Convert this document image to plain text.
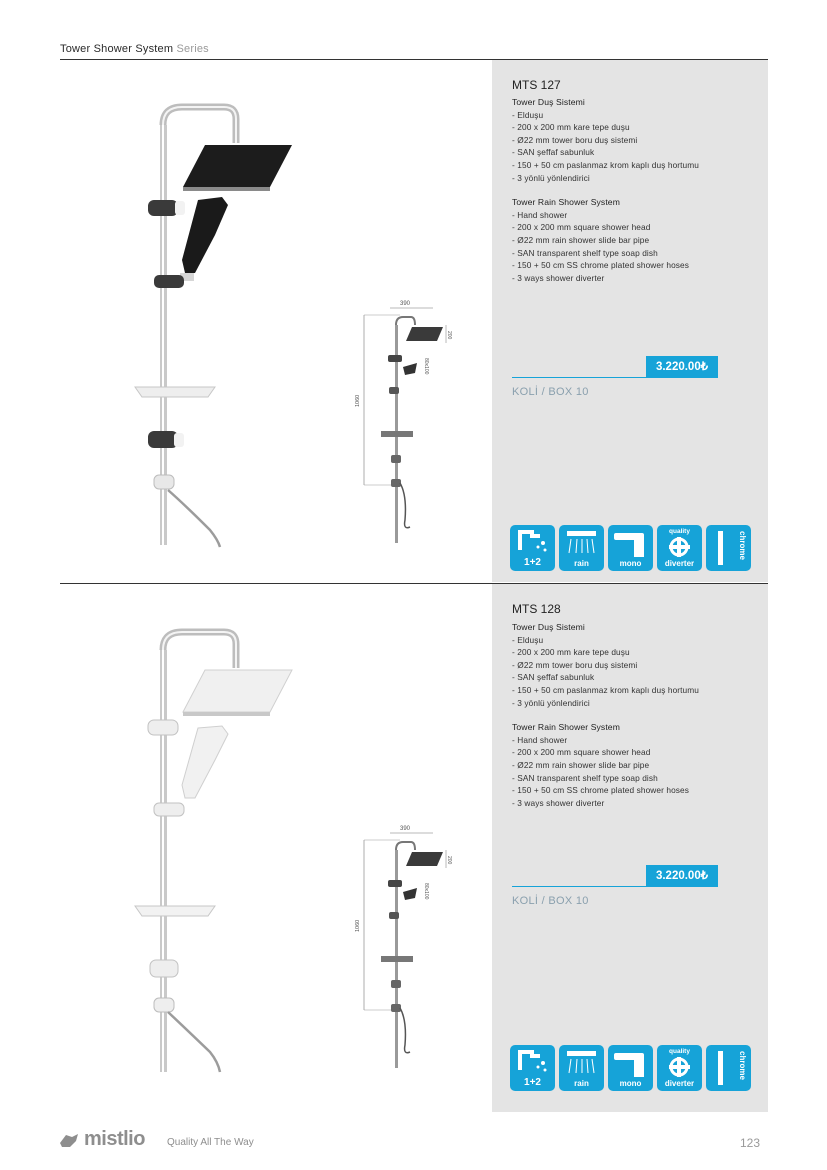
Tower Shower System Series
390
1060
200
80x100
MTS 127
Tower Duş Sistemi
- Elduşu
- 200 x 200 mm kare tepe duşu
- Ø22 mm tower boru duş sistemi
- SAN şeffaf sabunluk
- 150 + 50 cm paslanmaz krom kaplı duş hortumu
- 3 yönlü yönlendirici
Tower Rain Shower System
- Hand shower
- 200 x 200 mm square shower head
- Ø22 mm rain shower slide bar pipe
- SAN transparent shelf type soap dish
- 150 + 50 cm SS chrome plated shower hoses
- 3 ways shower diverter
3.220.00₺
KOLİ / BOX 10
1+2	rain	mono
quality
diverter
chrome
390
1060
200
80x100
MTS 128
Tower Duş Sistemi
- Elduşu
- 200 x 200 mm kare tepe duşu
- Ø22 mm tower boru duş sistemi
- SAN şeffaf sabunluk
- 150 + 50 cm paslanmaz krom kaplı duş hortumu
- 3 yönlü yönlendirici
Tower Rain Shower System
- Hand shower
- 200 x 200 mm square shower head
- Ø22 mm rain shower slide bar pipe
- SAN transparent shelf type soap dish
- 150 + 50 cm SS chrome plated shower hoses
- 3 ways shower diverter
3.220.00₺
KOLİ / BOX 10
1+2	rain	mono
quality
diverter
chrome
mistlio Quality All The Way	123
